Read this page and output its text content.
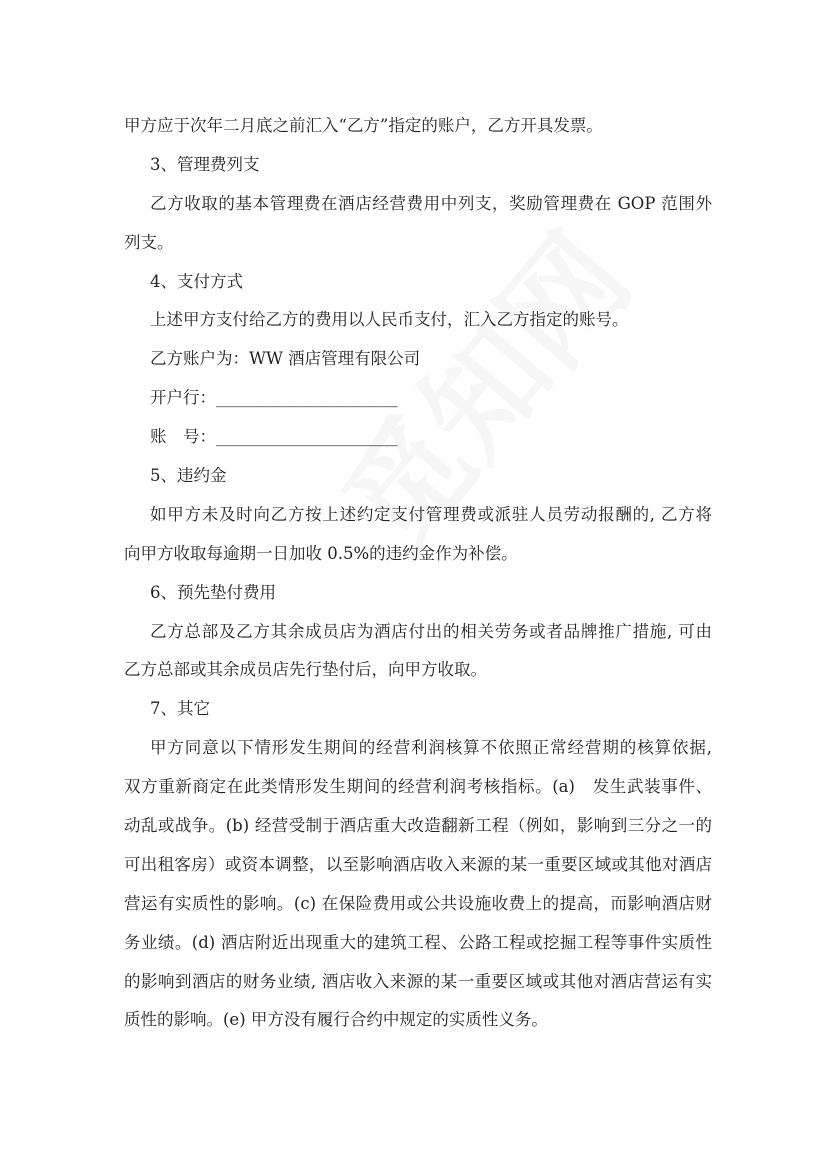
甲方应于次年二月底之前汇入“乙方”指定的账户，乙方开具发票。
3、管理费列支
乙方收取的基本管理费在酒店经营费用中列支，奖励管理费在 GOP 范围外
列支。
4、支付方式
上述甲方支付给乙方的费用以人民币支付，汇入乙方指定的账号。
乙方账户为：WW 酒店管理有限公司
开户行：______________________
账　号：______________________
5、违约金
如甲方未及时向乙方按上述约定支付管理费或派驻人员劳动报酬的, 乙方将
向甲方收取每逾期一日加收 0.5%的违约金作为补偿。
6、预先垫付费用
乙方总部及乙方其余成员店为酒店付出的相关劳务或者品牌推广措施, 可由
乙方总部或其余成员店先行垫付后，向甲方收取。
7、其它
甲方同意以下情形发生期间的经营利润核算不依照正常经营期的核算依据,
双方重新商定在此类情形发生期间的经营利润考核指标。(a)　发生武装事件、
动乱或战争。(b) 经营受制于酒店重大改造翻新工程（例如，影响到三分之一的
可出租客房）或资本调整，以至影响酒店收入来源的某一重要区域或其他对酒店
营运有实质性的影响。(c) 在保险费用或公共设施收费上的提高，而影响酒店财
务业绩。(d) 酒店附近出现重大的建筑工程、公路工程或挖掘工程等事件实质性
的影响到酒店的财务业绩, 酒店收入来源的某一重要区域或其他对酒店营运有实
质性的影响。(e) 甲方没有履行合约中规定的实质性义务。
